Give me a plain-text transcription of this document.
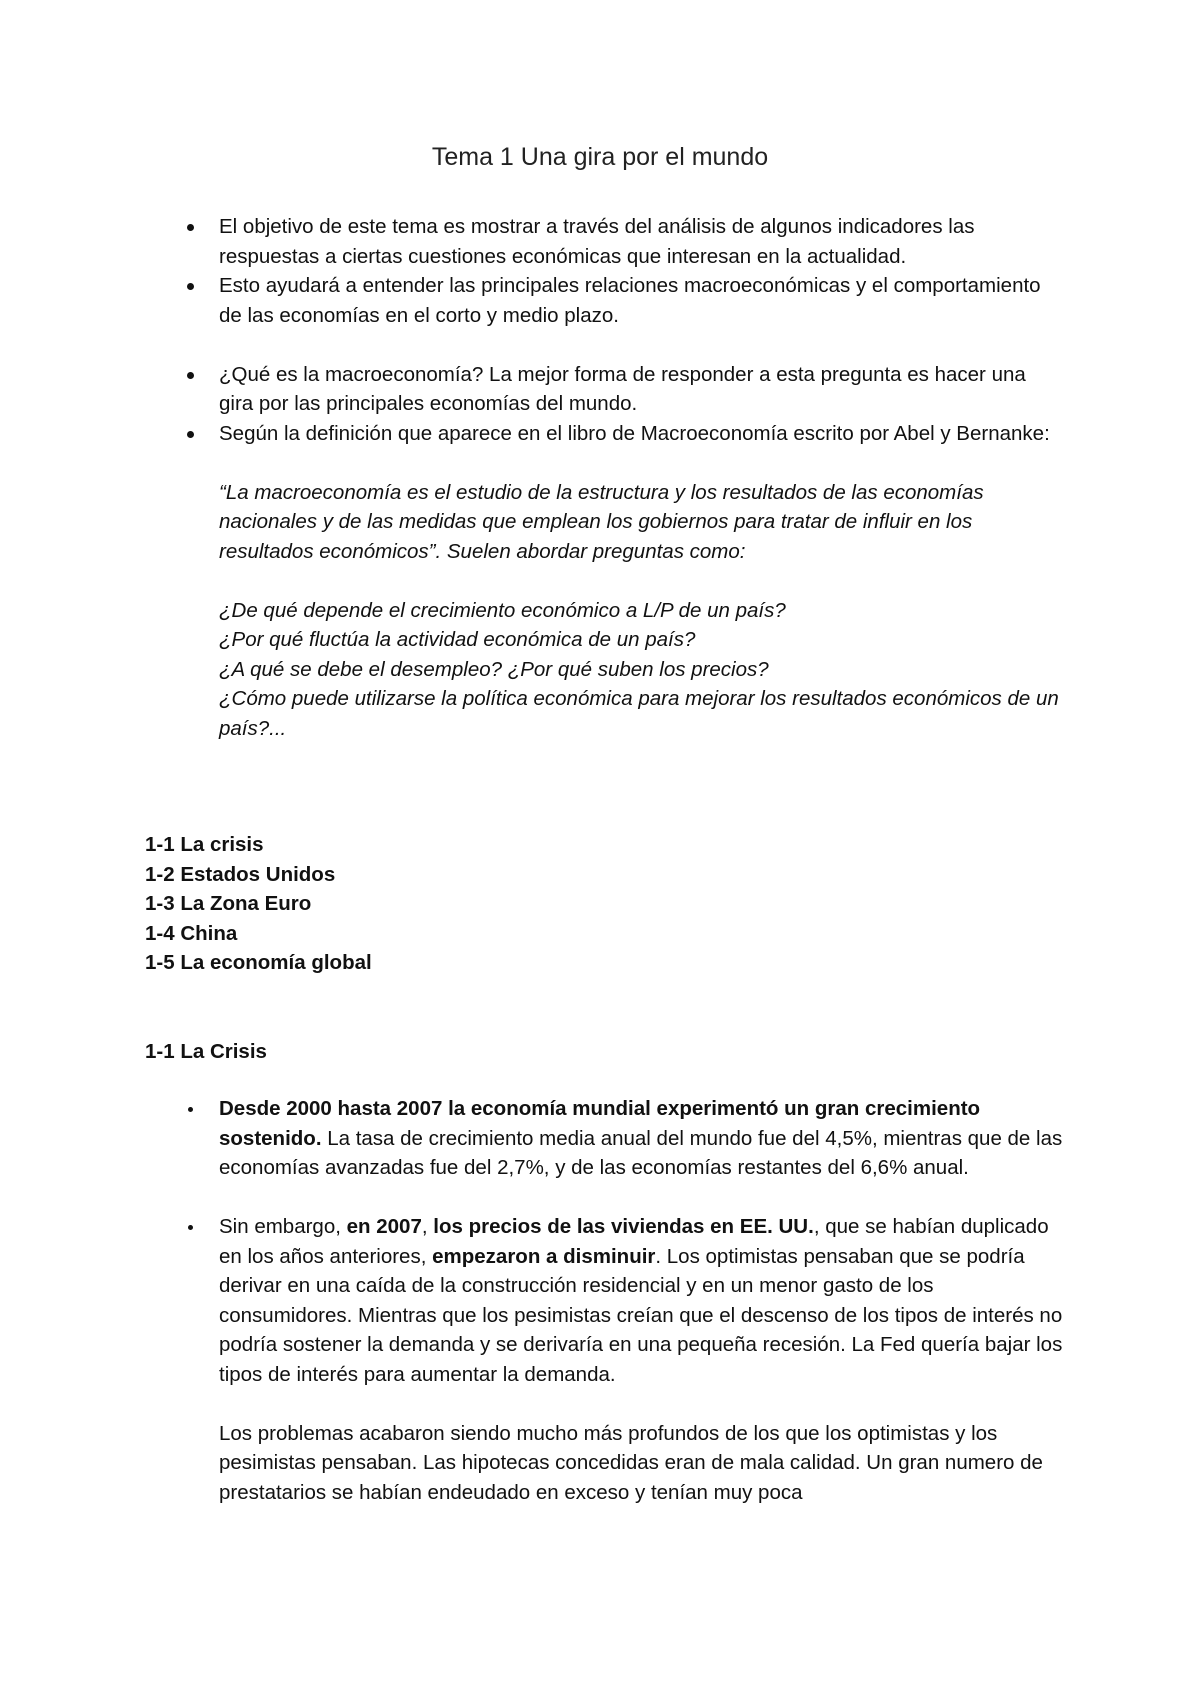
Tema 1 Una gira por el mundo
El objetivo de este tema es mostrar a través del análisis de algunos indicadores las respuestas a ciertas cuestiones económicas que interesan en la actualidad.
Esto ayudará a entender las principales relaciones macroeconómicas y el comportamiento de las economías en el corto y medio plazo.
¿Qué es la macroeconomía? La mejor forma de responder a esta pregunta es hacer una gira por las principales economías del mundo.
Según la definición que aparece en el libro de Macroeconomía escrito por Abel y Bernanke:
“La macroeconomía es el estudio de la estructura y los resultados de las economías nacionales y de las medidas que emplean los gobiernos para tratar de influir en los resultados económicos”. Suelen abordar preguntas como:
¿De qué depende el crecimiento económico a L/P de un país?
¿Por qué fluctúa la actividad económica de un país?
¿A qué se debe el desempleo? ¿Por qué suben los precios?
¿Cómo puede utilizarse la política económica para mejorar los resultados económicos de un país?...
1-1 La crisis
1-2 Estados Unidos
1-3 La Zona Euro
1-4 China
1-5 La economía global
1-1 La Crisis
Desde 2000 hasta 2007 la economía mundial experimentó un gran crecimiento sostenido. La tasa de crecimiento media anual del mundo fue del 4,5%, mientras que de las economías avanzadas fue del 2,7%, y de las economías restantes del 6,6% anual.
Sin embargo, en 2007, los precios de las viviendas en EE. UU., que se habían duplicado en los años anteriores, empezaron a disminuir. Los optimistas pensaban que se podría derivar en una caída de la construcción residencial y en un menor gasto de los consumidores. Mientras que los pesimistas creían que el descenso de los tipos de interés no podría sostener la demanda y se derivaría en una pequeña recesión. La Fed quería bajar los tipos de interés para aumentar la demanda.
Los problemas acabaron siendo mucho más profundos de los que los optimistas y los pesimistas pensaban. Las hipotecas concedidas eran de mala calidad. Un gran numero de prestatarios se habían endeudado en exceso y tenían muy poca
